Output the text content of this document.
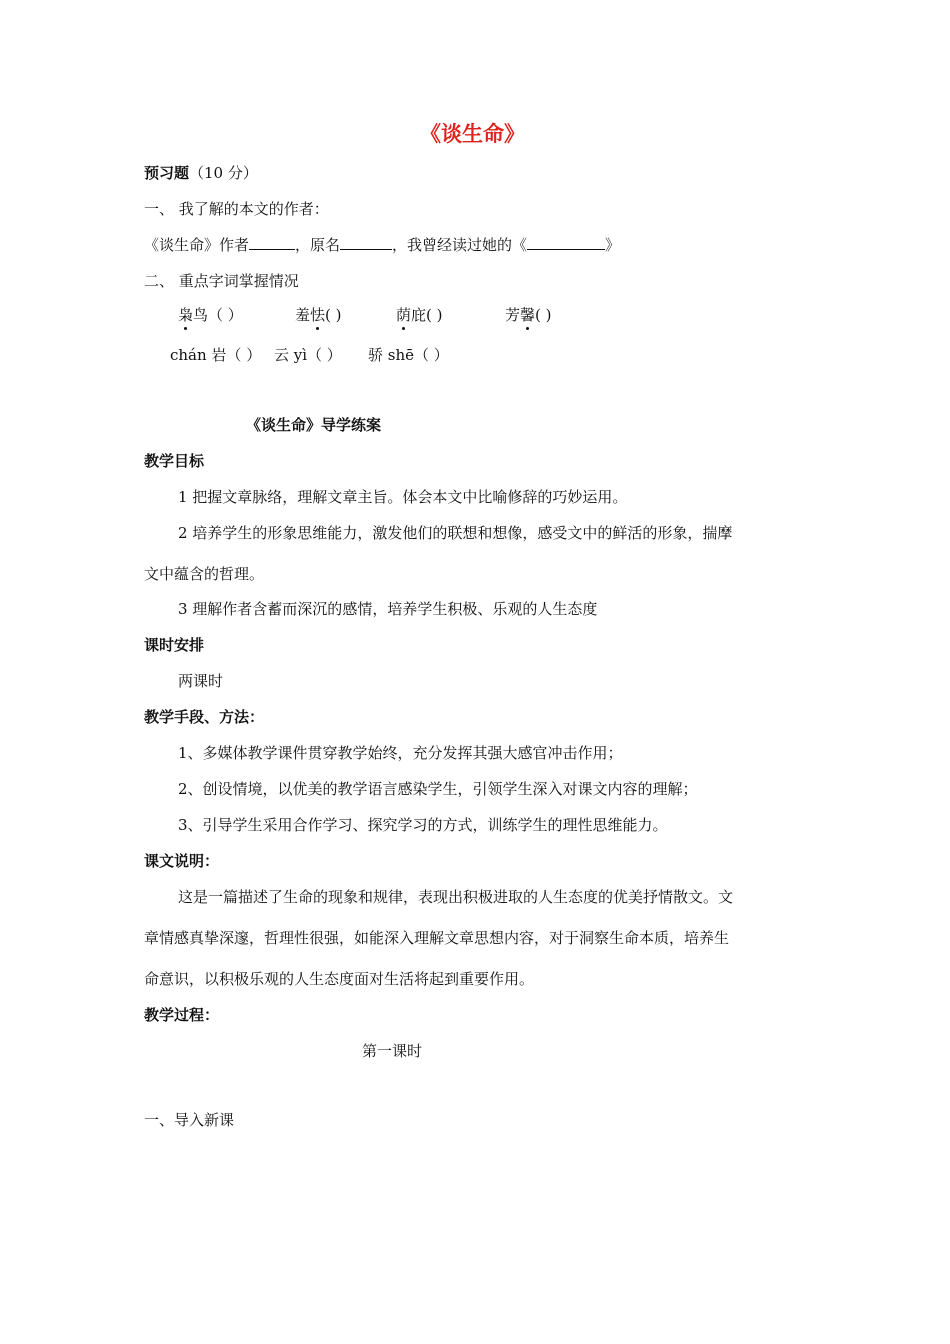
《谈生命》
预习题（10 分）
一、 我了解的本文的作者：
《谈生命》作者	，原名	，我曾经读过她的《	》
二、 重点字词掌握情况
枭鸟（ ）	羞怯( )	荫庇( )	芳馨( )
chán 岩（ ） 云 yì（ ） 骄 shē（ ）
《谈生命》导学练案
教学目标
1 把握文章脉络，理解文章主旨。体会本文中比喻修辞的巧妙运用。
2 培养学生的形象思维能力，激发他们的联想和想像，感受文中的鲜活的形象，揣摩
文中蕴含的哲理。
3 理解作者含蓄而深沉的感情，培养学生积极、乐观的人生态度
课时安排
两课时
教学手段、方法：
1、多媒体教学课件贯穿教学始终，充分发挥其强大感官冲击作用；
2、创设情境，以优美的教学语言感染学生，引领学生深入对课文内容的理解；
3、引导学生采用合作学习、探究学习的方式，训练学生的理性思维能力。
课文说明：
这是一篇描述了生命的现象和规律，表现出积极进取的人生态度的优美抒情散文。文
章情感真挚深邃，哲理性很强，如能深入理解文章思想内容，对于洞察生命本质，培养生
命意识，以积极乐观的人生态度面对生活将起到重要作用。
教学过程：
第一课时
一、导入新课
